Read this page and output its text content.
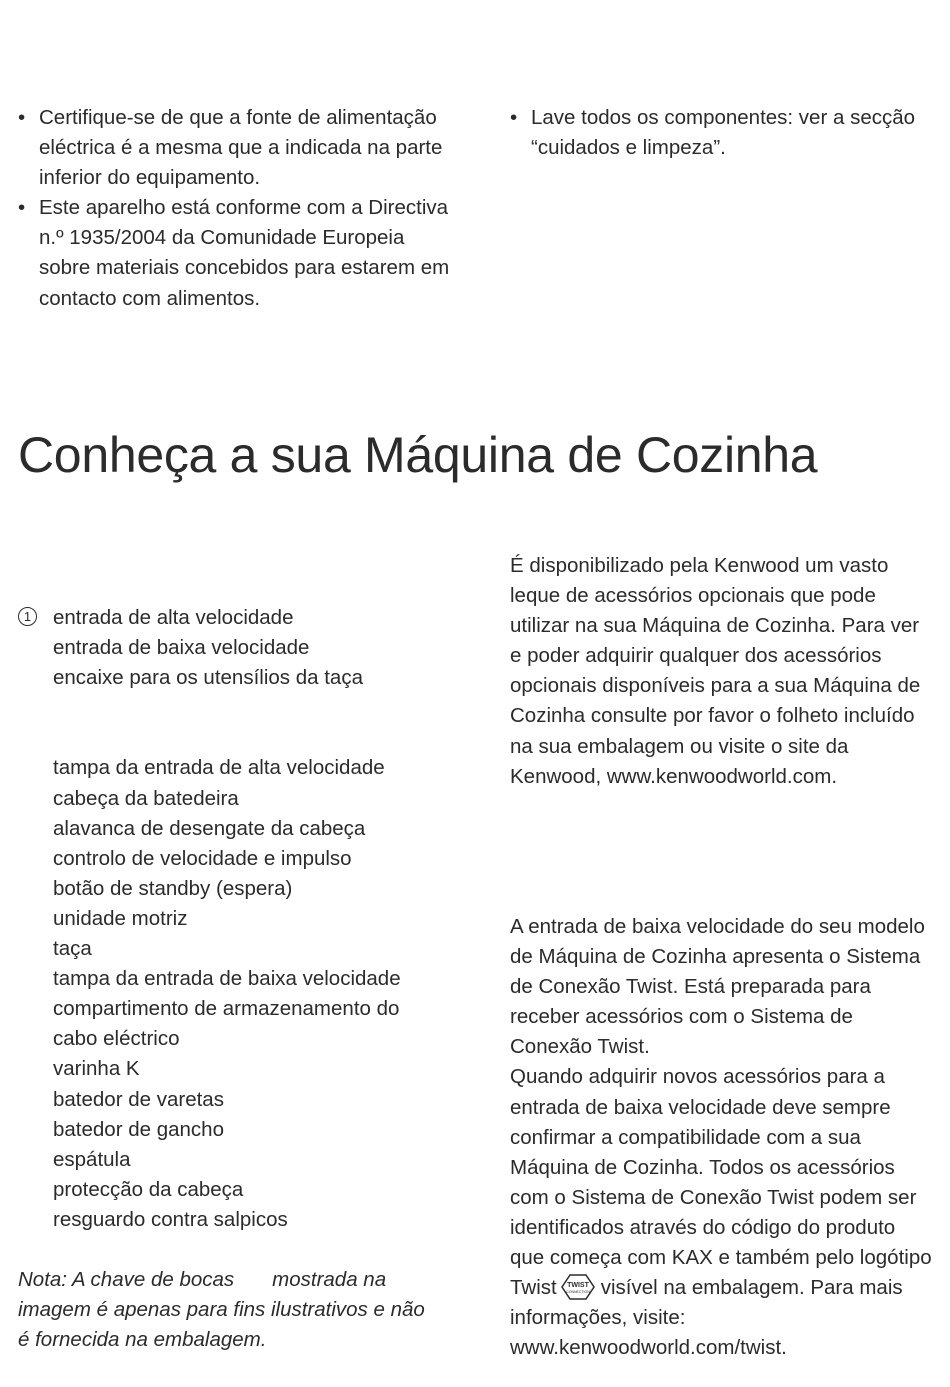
• Certifique-se de que a fonte de alimentação eléctrica é a mesma que a indicada na parte inferior do equipamento.
• Este aparelho está conforme com a Directiva n.º 1935/2004 da Comunidade Europeia sobre materiais concebidos para estarem em contacto com alimentos.
• Lave todos os componentes: ver a secção “cuidados e limpeza”.
Conheça a sua Máquina de Cozinha
1 entrada de alta velocidade
entrada de baixa velocidade
encaixe para os utensílios da taça
tampa da entrada de alta velocidade
cabeça da batedeira
alavanca de desengate da cabeça
controlo de velocidade e impulso
botão de standby (espera)
unidade motriz
taça
tampa da entrada de baixa velocidade
compartimento de armazenamento do
cabo eléctrico
varinha K
batedor de varetas
batedor de gancho
espátula
protecção da cabeça
resguardo contra salpicos

Nota: A chave de bocas mostrada na imagem é apenas para fins ilustrativos e não é fornecida na embalagem.

É disponibilizado pela Kenwood um vasto leque de acessórios opcionais que pode utilizar na sua Máquina de Cozinha. Para ver e poder adquirir qualquer dos acessórios opcionais disponíveis para a sua Máquina de Cozinha consulte por favor o folheto incluído na sua embalagem ou visite o site da Kenwood, www.kenwoodworld.com.

A entrada de baixa velocidade do seu modelo de Máquina de Cozinha apresenta o Sistema de Conexão Twist. Está preparada para receber acessórios com o Sistema de Conexão Twist.

Quando adquirir novos acessórios para a entrada de baixa velocidade deve sempre confirmar a compatibilidade com a sua Máquina de Cozinha. Todos os acessórios com o Sistema de Conexão Twist podem ser identificados através do código do produto que começa com KAX e também pelo logótipo Twist TWIST
CONNECTION visível na embalagem. Para mais informações, visite: www.kenwoodworld.com/twist.
